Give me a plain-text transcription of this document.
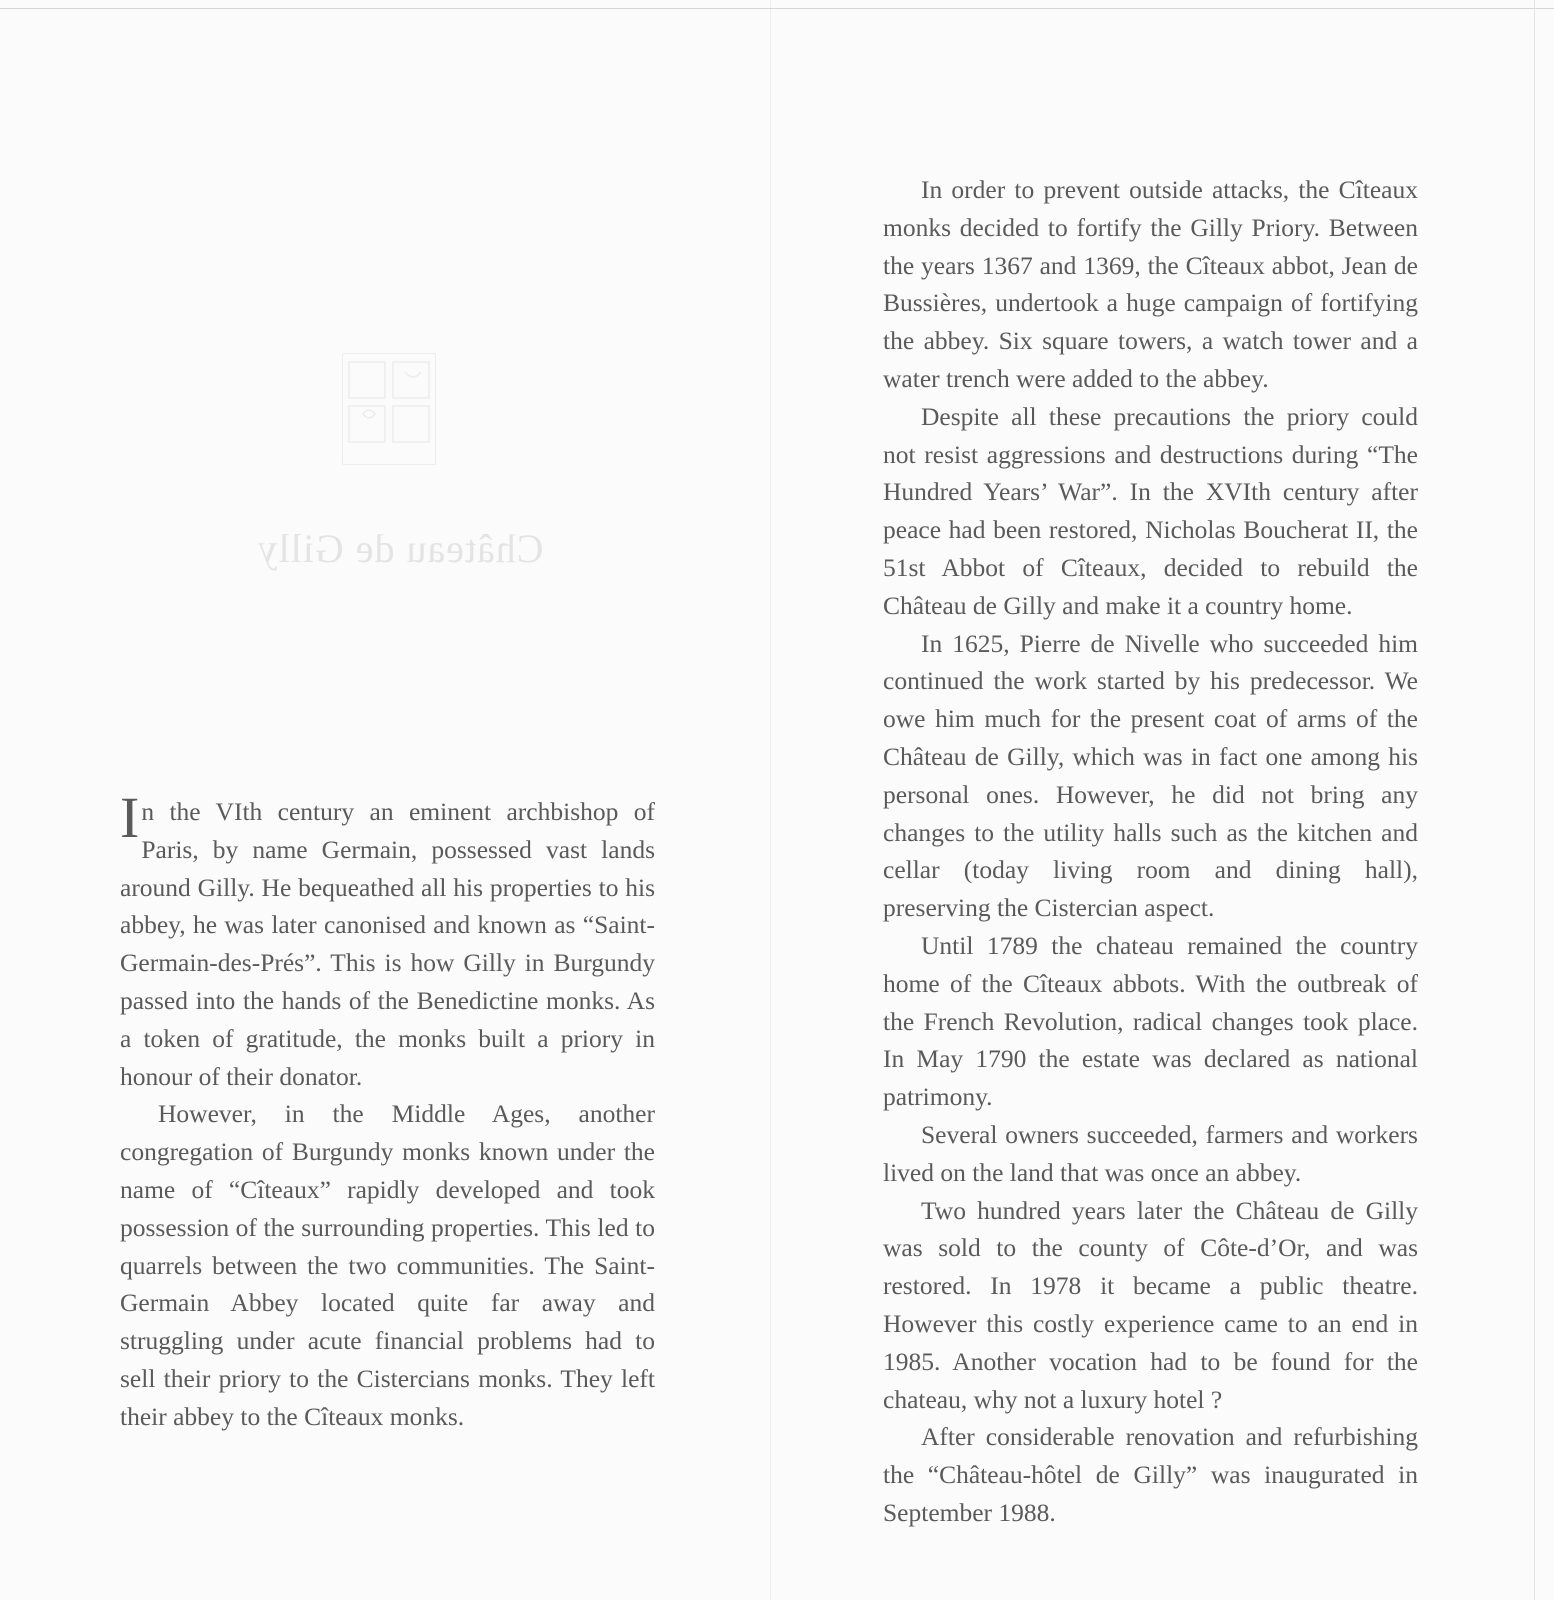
Château de Gilly

In the VIth century an eminent archbishop of Paris, by name Germain, possessed vast lands around Gilly. He bequeathed all his properties to his abbey, he was later canonised and known as “Saint-Germain-des-Prés”. This is how Gilly in Burgundy passed into the hands of the Benedictine monks. As a token of gratitude, the monks built a priory in honour of their donator.

However, in the Middle Ages, another congregation of Burgundy monks known under the name of “Cîteaux” rapidly developed and took possession of the surrounding properties. This led to quarrels between the two communities. The Saint-Germain Abbey located quite far away and struggling under acute financial problems had to sell their priory to the Cistercians monks. They left their abbey to the Cîteaux monks.

In order to prevent outside attacks, the Cîteaux monks decided to fortify the Gilly Priory. Between the years 1367 and 1369, the Cîteaux abbot, Jean de Bussières, undertook a huge campaign of fortifying the abbey. Six square towers, a watch tower and a water trench were added to the abbey.

Despite all these precautions the priory could not resist aggressions and destructions during “The Hundred Years’ War”. In the XVIth century after peace had been restored, Nicholas Boucherat II, the 51st Abbot of Cîteaux, decided to rebuild the Château de Gilly and make it a country home.

In 1625, Pierre de Nivelle who succeeded him continued the work started by his predecessor. We owe him much for the present coat of arms of the Château de Gilly, which was in fact one among his personal ones. However, he did not bring any changes to the utility halls such as the kitchen and cellar (today living room and dining hall), preserving the Cistercian aspect.

Until 1789 the chateau remained the country home of the Cîteaux abbots. With the outbreak of the French Revolution, radical changes took place. In May 1790 the estate was declared as national patrimony.

Several owners succeeded, farmers and workers lived on the land that was once an abbey.

Two hundred years later the Château de Gilly was sold to the county of Côte-d’Or, and was restored. In 1978 it became a public theatre. However this costly experience came to an end in 1985. Another vocation had to be found for the chateau, why not a luxury hotel ?

After considerable renovation and refurbishing the “Château-hôtel de Gilly” was inaugurated in September 1988.
